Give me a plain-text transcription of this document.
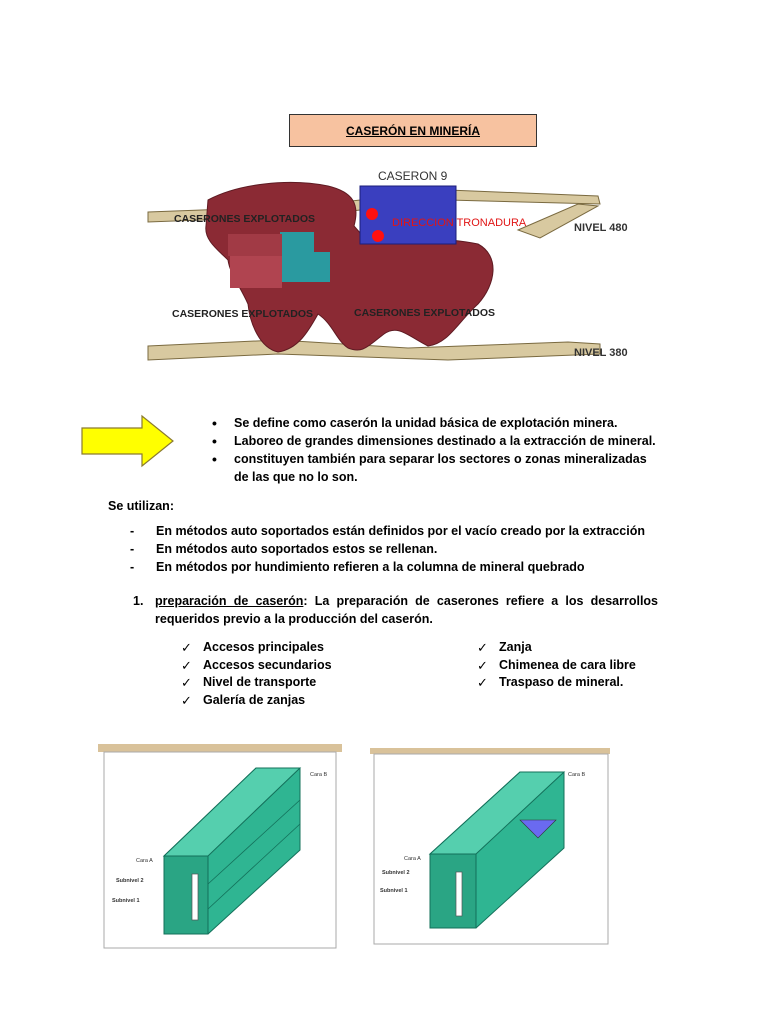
CASERÓN EN MINERÍA
CASERON 9
DIRECCION TRONADURA	NIVEL 480
NIVEL 380
CASERONES EXPLOTADOS
CASERONES EXPLOTADOS	CASERONES EXPLOTADOS
•	Se define como caserón la unidad básica de explotación minera.
•	Laboreo de grandes dimensiones destinado a la extracción de mineral.
•	constituyen también para separar los sectores o zonas mineralizadas de las que no lo son.
Se utilizan:
-	En métodos auto soportados están definidos por el vacío creado por la extracción
-	En métodos auto soportados estos se rellenan.
-	En métodos por hundimiento refieren a la columna de mineral quebrado
1. preparación de caserón: La preparación de caserones refiere a los desarrollos requeridos previo a la producción del caserón.
✓ Accesos principales
✓ Accesos secundarios
✓ Nivel de transporte
✓ Galería de zanjas
✓ Zanja
✓ Chimenea de cara libre
✓ Traspaso de mineral.
Cara A
Subnivel 2
Subnivel 1
Cara B
Cara A
Subnivel 2
Subnivel 1
Cara B
